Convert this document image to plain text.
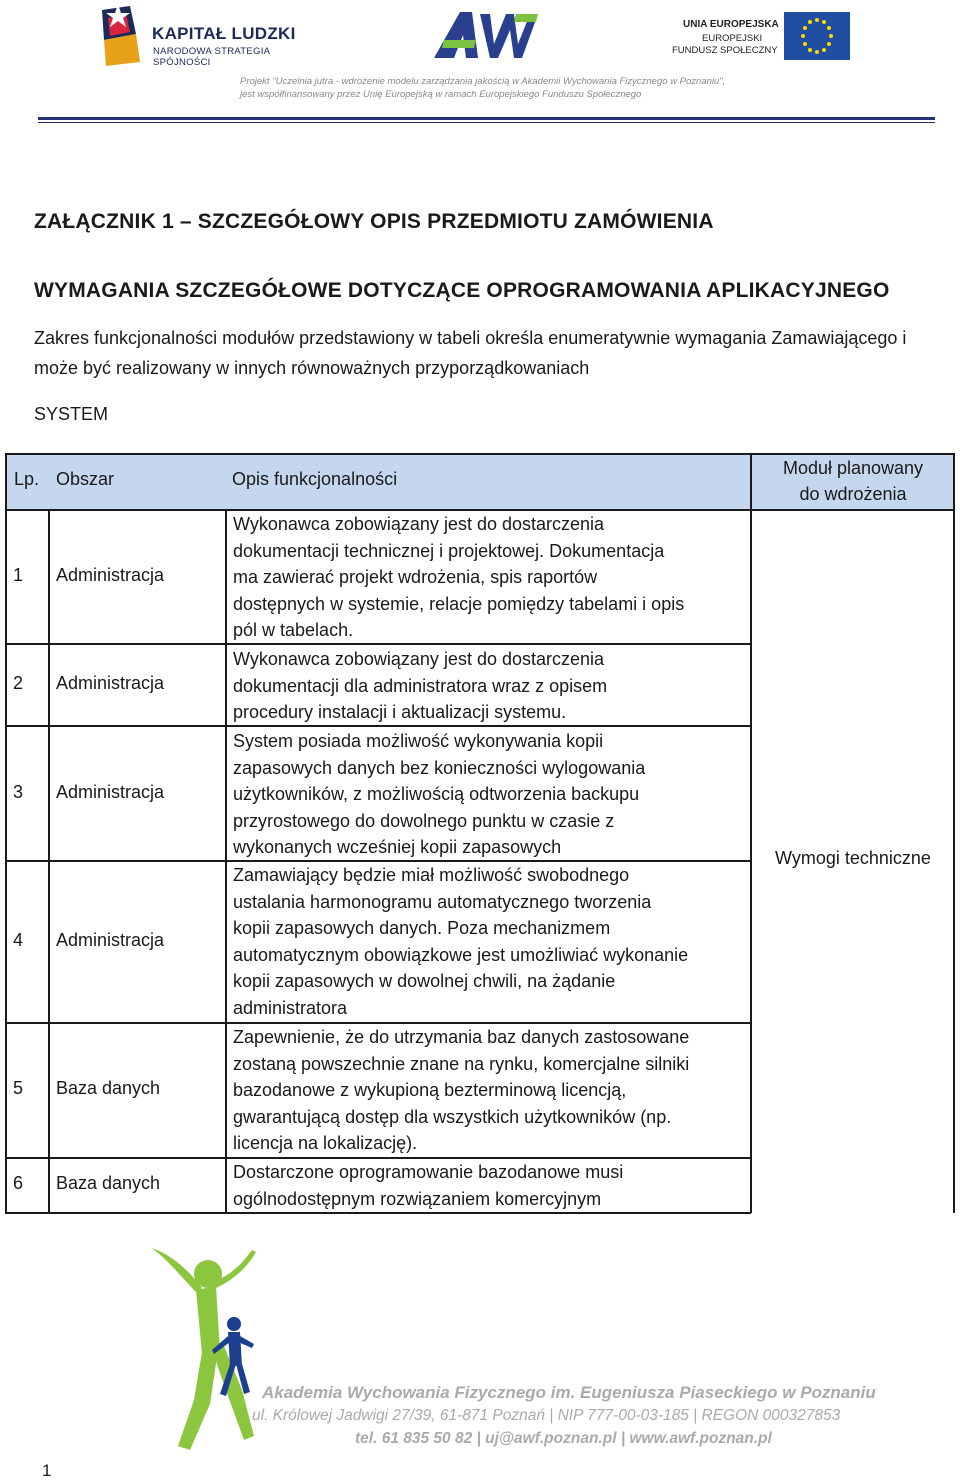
KAPITAŁ LUDZKI
NARODOWA STRATEGIA SPÓJNOŚCI
UNIA EUROPEJSKA
EUROPEJSKI
FUNDUSZ SPOŁECZNY
Projekt "Uczelnia jutra - wdrożenie modelu zarządzania jakością w Akademii Wychowania Fizycznego w Poznaniu",
jest współfinansowany przez Unię Europejską w ramach Europejskiego Funduszu Społecznego
ZAŁĄCZNIK 1 – SZCZEGÓŁOWY OPIS PRZEDMIOTU ZAMÓWIENIA
WYMAGANIA SZCZEGÓŁOWE DOTYCZĄCE OPROGRAMOWANIA APLIKACYJNEGO
Zakres funkcjonalności modułów przedstawiony w tabeli określa enumeratywnie wymagania Zamawiającego i może być realizowany w innych równoważnych przyporządkowaniach
SYSTEM
Lp. Obszar	Opis funkcjonalności
Moduł planowany
do wdrożenia
1 Administracja
Wykonawca zobowiązany jest do dostarczenia
dokumentacji technicznej i projektowej. Dokumentacja
ma zawierać projekt wdrożenia, spis raportów
dostępnych w systemie, relacje pomiędzy tabelami i opis
pól w tabelach.
2 Administracja
Wykonawca zobowiązany jest do dostarczenia
dokumentacji dla administratora wraz z opisem
procedury instalacji i aktualizacji systemu.
3 Administracja
System posiada możliwość wykonywania kopii
zapasowych danych bez konieczności wylogowania
użytkowników, z możliwością odtworzenia backupu
przyrostowego do dowolnego punktu w czasie z
wykonanych wcześniej kopii zapasowych
4 Administracja
Zamawiający będzie miał możliwość swobodnego
ustalania harmonogramu automatycznego tworzenia
kopii zapasowych danych. Poza mechanizmem
automatycznym obowiązkowe jest umożliwiać wykonanie
kopii zapasowych w dowolnej chwili, na żądanie
administratora
5 Baza danych
Zapewnienie, że do utrzymania baz danych zastosowane
zostaną powszechnie znane na rynku, komercjalne silniki
bazodanowe z wykupioną bezterminową licencją,
gwarantującą dostęp dla wszystkich użytkowników (np.
licencja na lokalizację).
6 Baza danych
Dostarczone oprogramowanie bazodanowe musi
ogólnodostępnym rozwiązaniem komercyjnym
Wymogi techniczne
Akademia Wychowania Fizycznego im. Eugeniusza Piaseckiego w Poznaniu
ul. Królowej Jadwigi 27/39, 61-871 Poznań | NIP 777-00-03-185 | REGON 000327853
tel. 61 835 50 82 | uj@awf.poznan.pl | www.awf.poznan.pl
1
